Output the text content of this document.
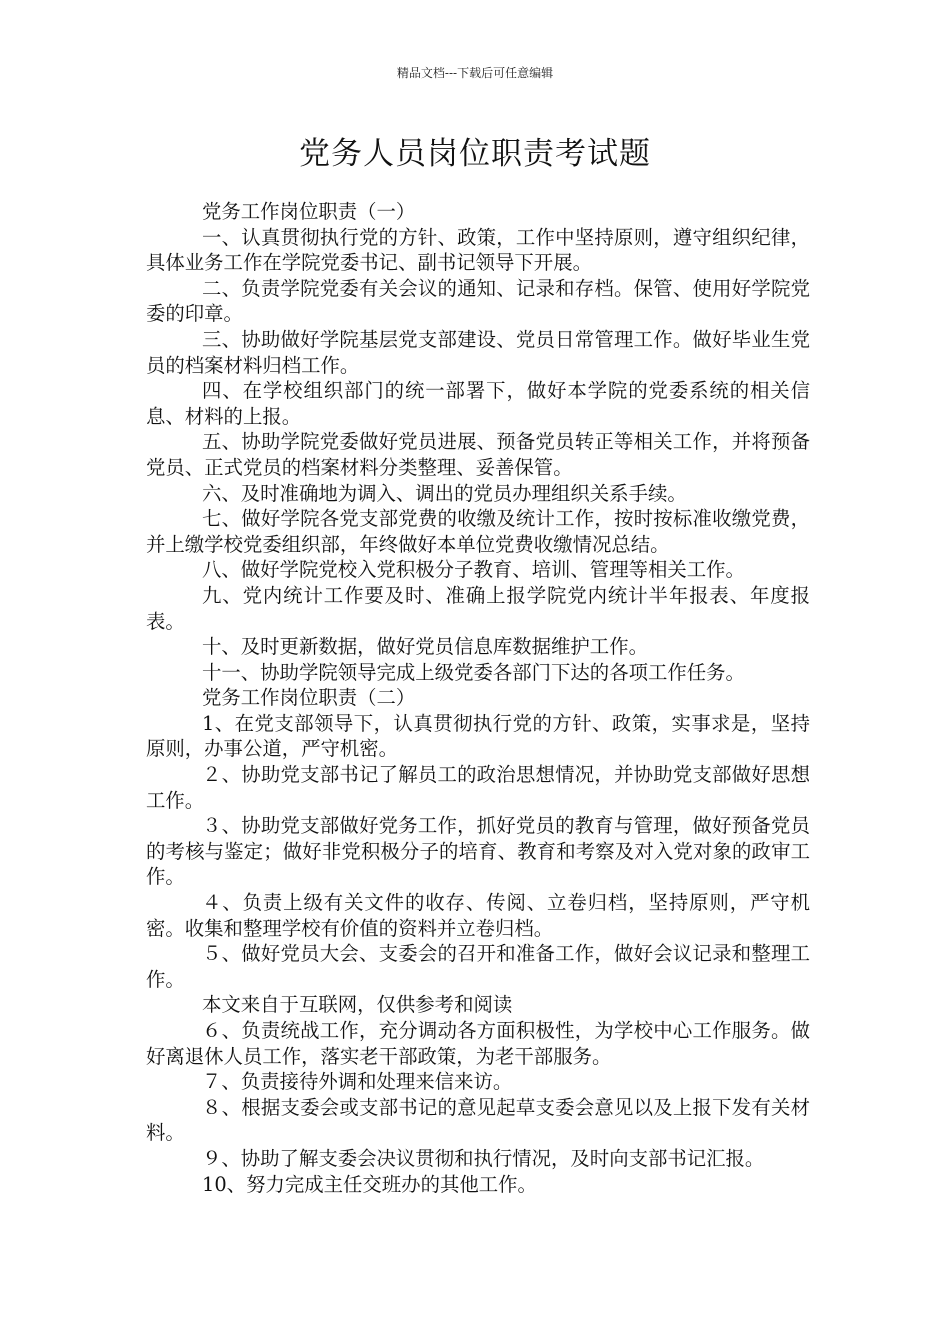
精品文档---下载后可任意编辑
党务人员岗位职责考试题

党务工作岗位职责（一）

一、认真贯彻执行党的方针、政策，工作中坚持原则，遵守组织纪律，具体业务工作在学院党委书记、副书记领导下开展。

二、负责学院党委有关会议的通知、记录和存档。保管、使用好学院党委的印章。

三、协助做好学院基层党支部建设、党员日常管理工作。做好毕业生党员的档案材料归档工作。

四、在学校组织部门的统一部署下，做好本学院的党委系统的相关信息、材料的上报。

五、协助学院党委做好党员进展、预备党员转正等相关工作，并将预备党员、正式党员的档案材料分类整理、妥善保管。

六、及时准确地为调入、调出的党员办理组织关系手续。

七、做好学院各党支部党费的收缴及统计工作，按时按标准收缴党费，并上缴学校党委组织部，年终做好本单位党费收缴情况总结。

八、做好学院党校入党积极分子教育、培训、管理等相关工作。

九、党内统计工作要及时、准确上报学院党内统计半年报表、年度报表。

十、及时更新数据，做好党员信息库数据维护工作。

十一、协助学院领导完成上级党委各部门下达的各项工作任务。

党务工作岗位职责（二）

1、在党支部领导下，认真贯彻执行党的方针、政策，实事求是，坚持原则，办事公道，严守机密。

２、协助党支部书记了解员工的政治思想情况，并协助党支部做好思想工作。

３、协助党支部做好党务工作，抓好党员的教育与管理，做好预备党员的考核与鉴定；做好非党积极分子的培育、教育和考察及对入党对象的政审工作。

４、负责上级有关文件的收存、传阅、立卷归档，坚持原则，严守机密。收集和整理学校有价值的资料并立卷归档。

５、做好党员大会、支委会的召开和准备工作，做好会议记录和整理工作。

本文来自于互联网，仅供参考和阅读

６、负责统战工作，充分调动各方面积极性，为学校中心工作服务。做好离退休人员工作，落实老干部政策，为老干部服务。

７、负责接待外调和处理来信来访。

８、根据支委会或支部书记的意见起草支委会意见以及上报下发有关材料。

９、协助了解支委会决议贯彻和执行情况，及时向支部书记汇报。

10、努力完成主任交班办的其他工作。
